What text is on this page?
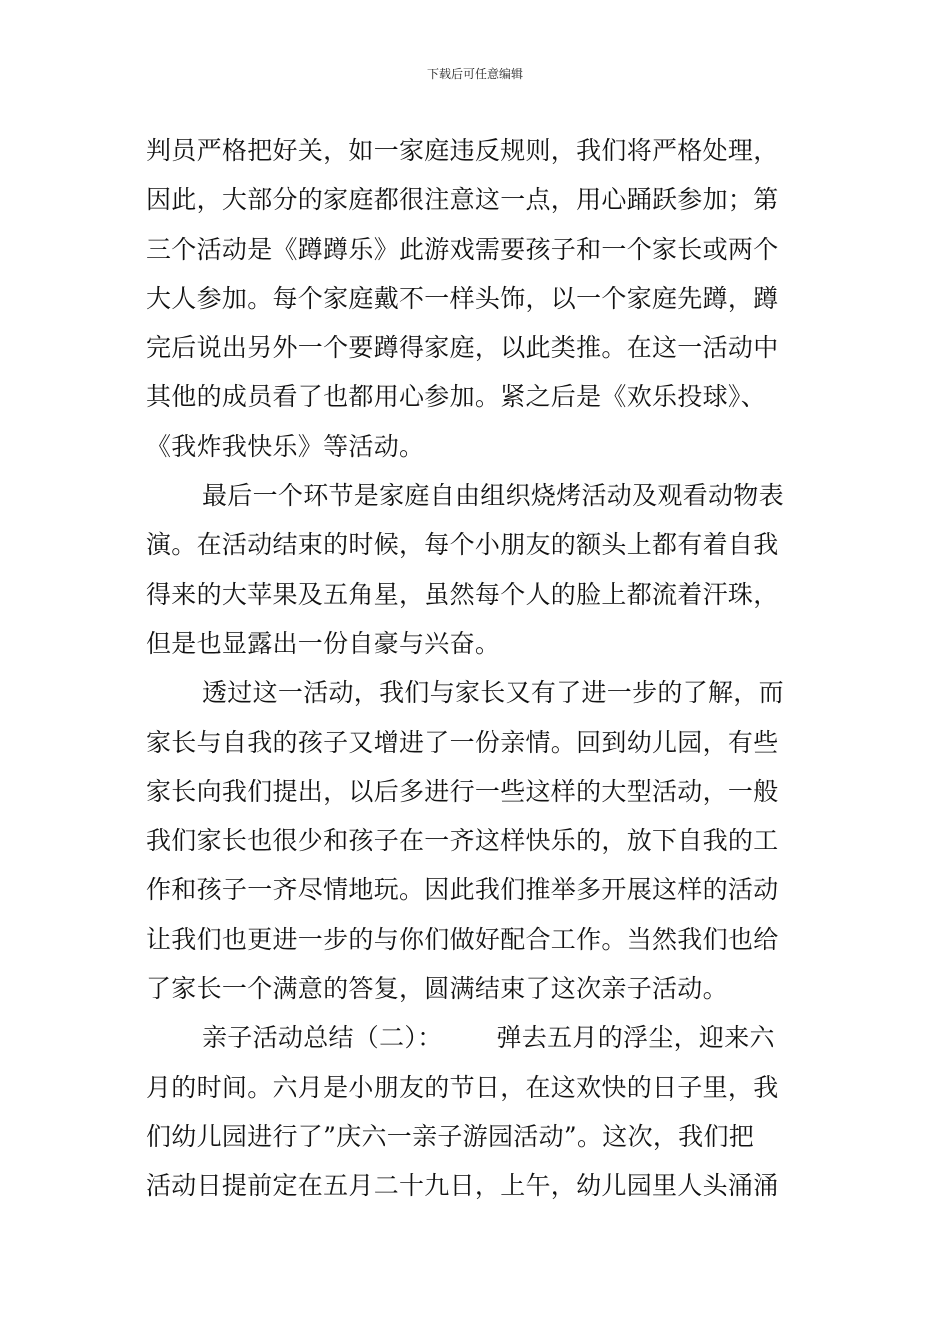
下载后可任意编辑

判员严格把好关，如一家庭违反规则，我们将严格处理，
因此，大部分的家庭都很注意这一点，用心踊跃参加；第
三个活动是《蹲蹲乐》此游戏需要孩子和一个家长或两个
大人参加。每个家庭戴不一样头饰，以一个家庭先蹲，蹲
完后说出另外一个要蹲得家庭，以此类推。在这一活动中
其他的成员看了也都用心参加。紧之后是《欢乐投球》、
《我炸我快乐》等活动。

最后一个环节是家庭自由组织烧烤活动及观看动物表
演。在活动结束的时候，每个小朋友的额头上都有着自我
得来的大苹果及五角星，虽然每个人的脸上都流着汗珠，
但是也显露出一份自豪与兴奋。

透过这一活动，我们与家长又有了进一步的了解，而
家长与自我的孩子又增进了一份亲情。回到幼儿园，有些
家长向我们提出，以后多进行一些这样的大型活动，一般
我们家长也很少和孩子在一齐这样快乐的，放下自我的工
作和孩子一齐尽情地玩。因此我们推举多开展这样的活动
让我们也更进一步的与你们做好配合工作。当然我们也给
了家长一个满意的答复，圆满结束了这次亲子活动。

亲子活动总结（二）： 弹去五月的浮尘，迎来六
月的时间。六月是小朋友的节日，在这欢快的日子里，我
们幼儿园进行了”庆六一亲子游园活动”。这次，我们把
活动日提前定在五月二十九日，上午，幼儿园里人头涌涌
